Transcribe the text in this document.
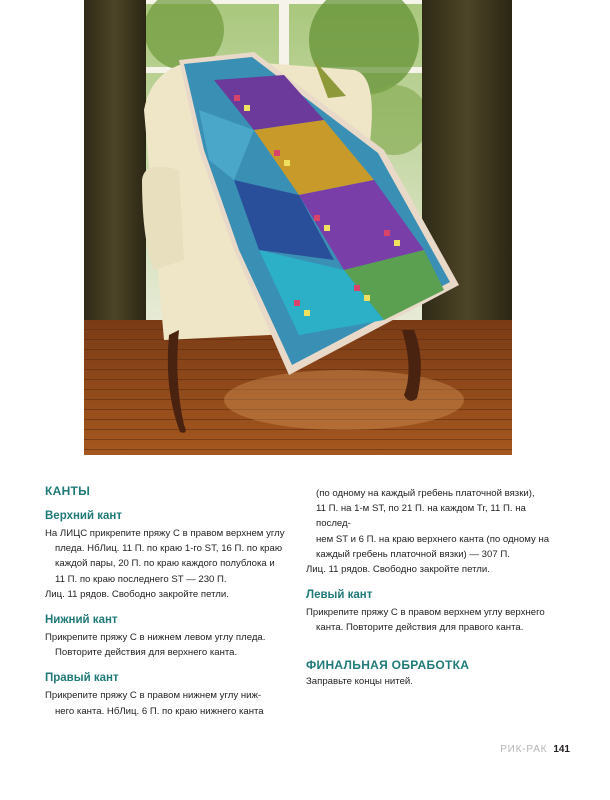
КАНТЫ
Верхний кант

На ЛИЦС прикрепите пряжу С в правом верхнем углу

пледа. НбЛиц. 11 П. по краю 1-го ST, 16 П. по краю

каждой пары, 20 П. по краю каждого полублока и

11 П. по краю последнего ST — 230 П.

Лиц. 11 рядов. Свободно закройте петли.

Нижний кант

Прикрепите пряжу С в нижнем левом углу пледа.

Повторите действия для верхнего канта.

Правый кант

Прикрепите пряжу С в правом нижнем углу ниж-

него канта. НбЛиц. 6 П. по краю нижнего канта

(по одному на каждый гребень платочной вязки),

11 П. на 1-м ST, по 21 П. на каждом Tr, 11 П. на послед-

нем ST и 6 П. на краю верхнего канта (по одному на

каждый гребень платочной вязки) — 307 П.

Лиц. 11 рядов. Свободно закройте петли.

Левый кант

Прикрепите пряжу С в правом верхнем углу верхнего

канта. Повторите действия для правого канта.

ФИНАЛЬНАЯ ОБРАБОТКА

Заправьте концы нитей.

РИК-РАК 141
